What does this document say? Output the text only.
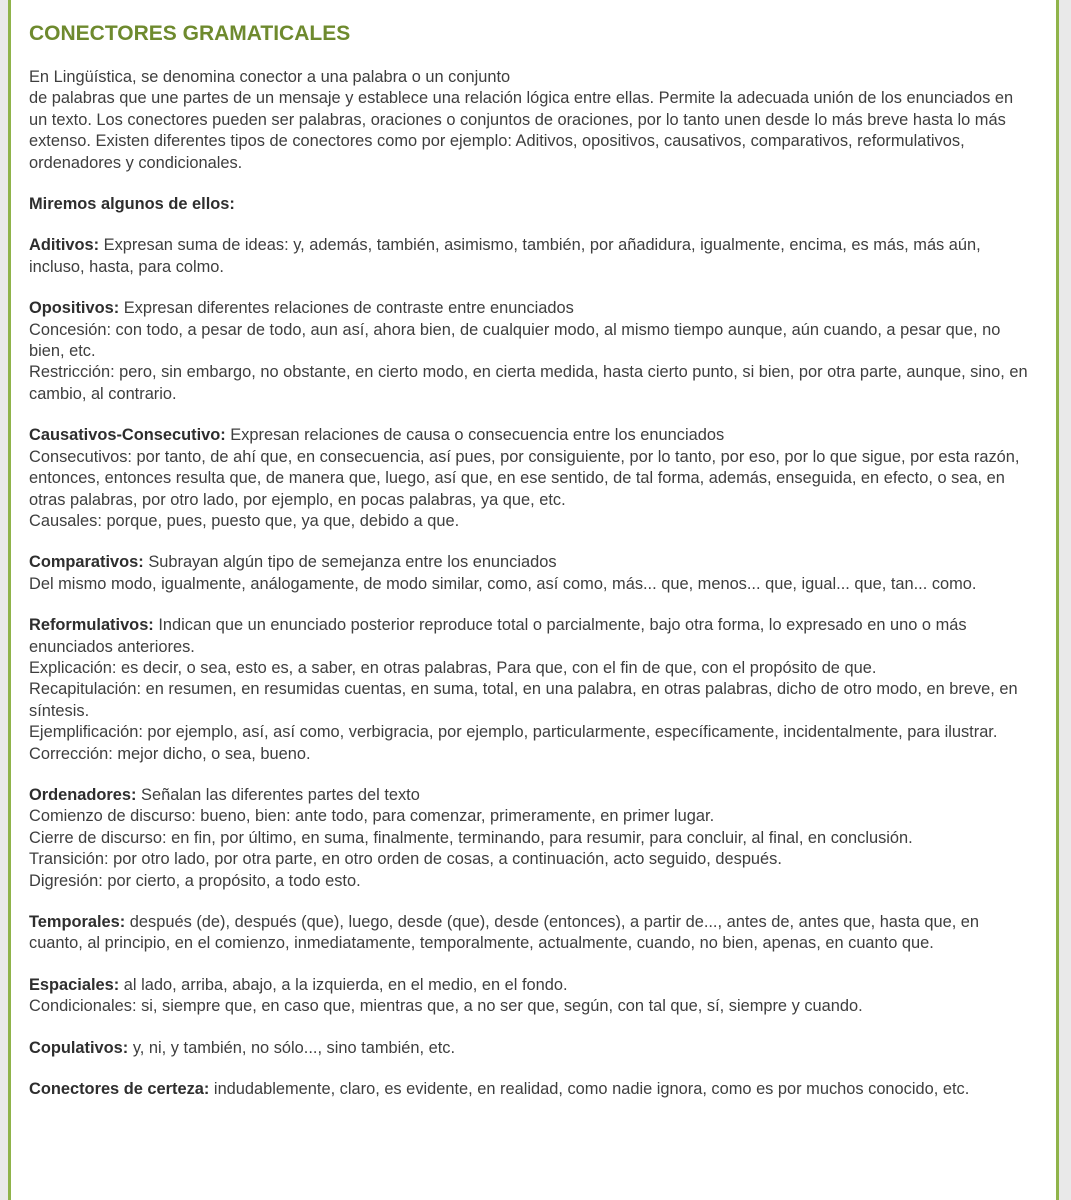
CONECTORES GRAMATICALES
En Lingüística, se denomina conector a una palabra o un conjunto
de palabras que une partes de un mensaje y establece una relación lógica entre ellas. Permite la adecuada unión de los enunciados en un texto. Los conectores pueden ser palabras, oraciones o conjuntos de oraciones, por lo tanto unen desde lo más breve hasta lo más extenso. Existen diferentes tipos de conectores como por ejemplo: Aditivos, opositivos, causativos, comparativos, reformulativos, ordenadores y condicionales.
Miremos algunos de ellos:
Aditivos: Expresan suma de ideas: y, además, también, asimismo, también, por añadidura, igualmente, encima, es más, más aún, incluso, hasta, para colmo.
Opositivos: Expresan diferentes relaciones de contraste entre enunciados
Concesión: con todo, a pesar de todo, aun así, ahora bien, de cualquier modo, al mismo tiempo aunque, aún cuando, a pesar que, no bien, etc.
Restricción: pero, sin embargo, no obstante, en cierto modo, en cierta medida, hasta cierto punto, si bien, por otra parte, aunque, sino, en cambio, al contrario.
Causativos-Consecutivo: Expresan relaciones de causa o consecuencia entre los enunciados
Consecutivos: por tanto, de ahí que, en consecuencia, así pues, por consiguiente, por lo tanto, por eso, por lo que sigue, por esta razón, entonces, entonces resulta que, de manera que, luego, así que, en ese sentido, de tal forma, además, enseguida, en efecto, o sea, en otras palabras, por otro lado, por ejemplo, en pocas palabras, ya que, etc.
Causales: porque, pues, puesto que, ya que, debido a que.
Comparativos: Subrayan algún tipo de semejanza entre los enunciados
Del mismo modo, igualmente, análogamente, de modo similar, como, así como, más... que, menos... que, igual... que, tan... como.
Reformulativos: Indican que un enunciado posterior reproduce total o parcialmente, bajo otra forma, lo expresado en uno o más enunciados anteriores.
Explicación: es decir, o sea, esto es, a saber, en otras palabras, Para que, con el fin de que, con el propósito de que.
Recapitulación: en resumen, en resumidas cuentas, en suma, total, en una palabra, en otras palabras, dicho de otro modo, en breve, en síntesis.
Ejemplificación: por ejemplo, así, así como, verbigracia, por ejemplo, particularmente, específicamente, incidentalmente, para ilustrar.
Corrección: mejor dicho, o sea, bueno.
Ordenadores: Señalan las diferentes partes del texto
Comienzo de discurso: bueno, bien: ante todo, para comenzar, primeramente, en primer lugar.
Cierre de discurso: en fin, por último, en suma, finalmente, terminando, para resumir, para concluir, al final, en conclusión.
Transición: por otro lado, por otra parte, en otro orden de cosas, a continuación, acto seguido, después.
Digresión: por cierto, a propósito, a todo esto.
Temporales: después (de), después (que), luego, desde (que), desde (entonces), a partir de..., antes de, antes que, hasta que, en cuanto, al principio, en el comienzo, inmediatamente, temporalmente, actualmente, cuando, no bien, apenas, en cuanto que.
Espaciales: al lado, arriba, abajo, a la izquierda, en el medio, en el fondo.
Condicionales: si, siempre que, en caso que, mientras que, a no ser que, según, con tal que, sí, siempre y cuando.
Copulativos: y, ni, y también, no sólo..., sino también, etc.
Conectores de certeza: indudablemente, claro, es evidente, en realidad, como nadie ignora, como es por muchos conocido, etc.
